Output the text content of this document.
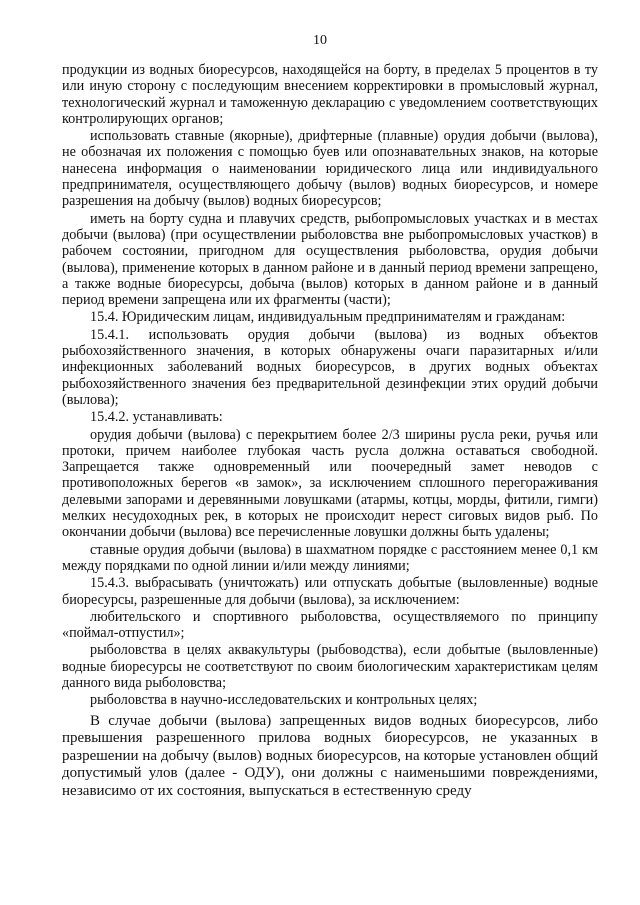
10

продукции из водных биоресурсов, находящейся на борту, в пределах 5 процентов в ту или иную сторону с последующим внесением корректировки в промысловый журнал, технологический журнал и таможенную декларацию с уведомлением соответствующих контролирующих органов;

использовать ставные (якорные), дрифтерные (плавные) орудия добычи (вылова), не обозначая их положения с помощью буев или опознавательных знаков, на которые нанесена информация о наименовании юридического лица или индивидуального предпринимателя, осуществляющего добычу (вылов) водных биоресурсов, и номере разрешения на добычу (вылов) водных биоресурсов;

иметь на борту судна и плавучих средств, рыбопромысловых участках и в местах добычи (вылова) (при осуществлении рыболовства вне рыбопромысловых участков) в рабочем состоянии, пригодном для осуществления рыболовства, орудия добычи (вылова), применение которых в данном районе и в данный период времени запрещено, а также водные биоресурсы, добыча (вылов) которых в данном районе и в данный период времени запрещена или их фрагменты (части);

15.4. Юридическим лицам, индивидуальным предпринимателям и гражданам:

15.4.1. использовать орудия добычи (вылова) из водных объектов рыбохозяйственного значения, в которых обнаружены очаги паразитарных и/или инфекционных заболеваний водных биоресурсов, в других водных объектах рыбохозяйственного значения без предварительной дезинфекции этих орудий добычи (вылова);

15.4.2. устанавливать:

орудия добычи (вылова) с перекрытием более 2/3 ширины русла реки, ручья или протоки, причем наиболее глубокая часть русла должна оставаться свободной. Запрещается также одновременный или поочередный замет неводов с противоположных берегов «в замок», за исключением сплошного перегораживания делевыми запорами и деревянными ловушками (атармы, котцы, морды, фитили, гимги) мелких несудоходных рек, в которых не происходит нерест сиговых видов рыб. По окончании добычи (вылова) все перечисленные ловушки должны быть удалены;

ставные орудия добычи (вылова) в шахматном порядке с расстоянием менее 0,1 км между порядками по одной линии и/или между линиями;

15.4.3. выбрасывать (уничтожать) или отпускать добытые (выловленные) водные биоресурсы, разрешенные для добычи (вылова), за исключением:

любительского и спортивного рыболовства, осуществляемого по принципу «поймал-отпустил»;

рыболовства в целях аквакультуры (рыбоводства), если добытые (выловленные) водные биоресурсы не соответствуют по своим биологическим характеристикам целям данного вида рыболовства;

рыболовства в научно-исследовательских и контрольных целях;

В случае добычи (вылова) запрещенных видов водных биоресурсов, либо превышения разрешенного прилова водных биоресурсов, не указанных в разрешении на добычу (вылов) водных биоресурсов, на которые установлен общий допустимый улов (далее - ОДУ), они должны с наименьшими повреждениями, независимо от их состояния, выпускаться в естественную среду
